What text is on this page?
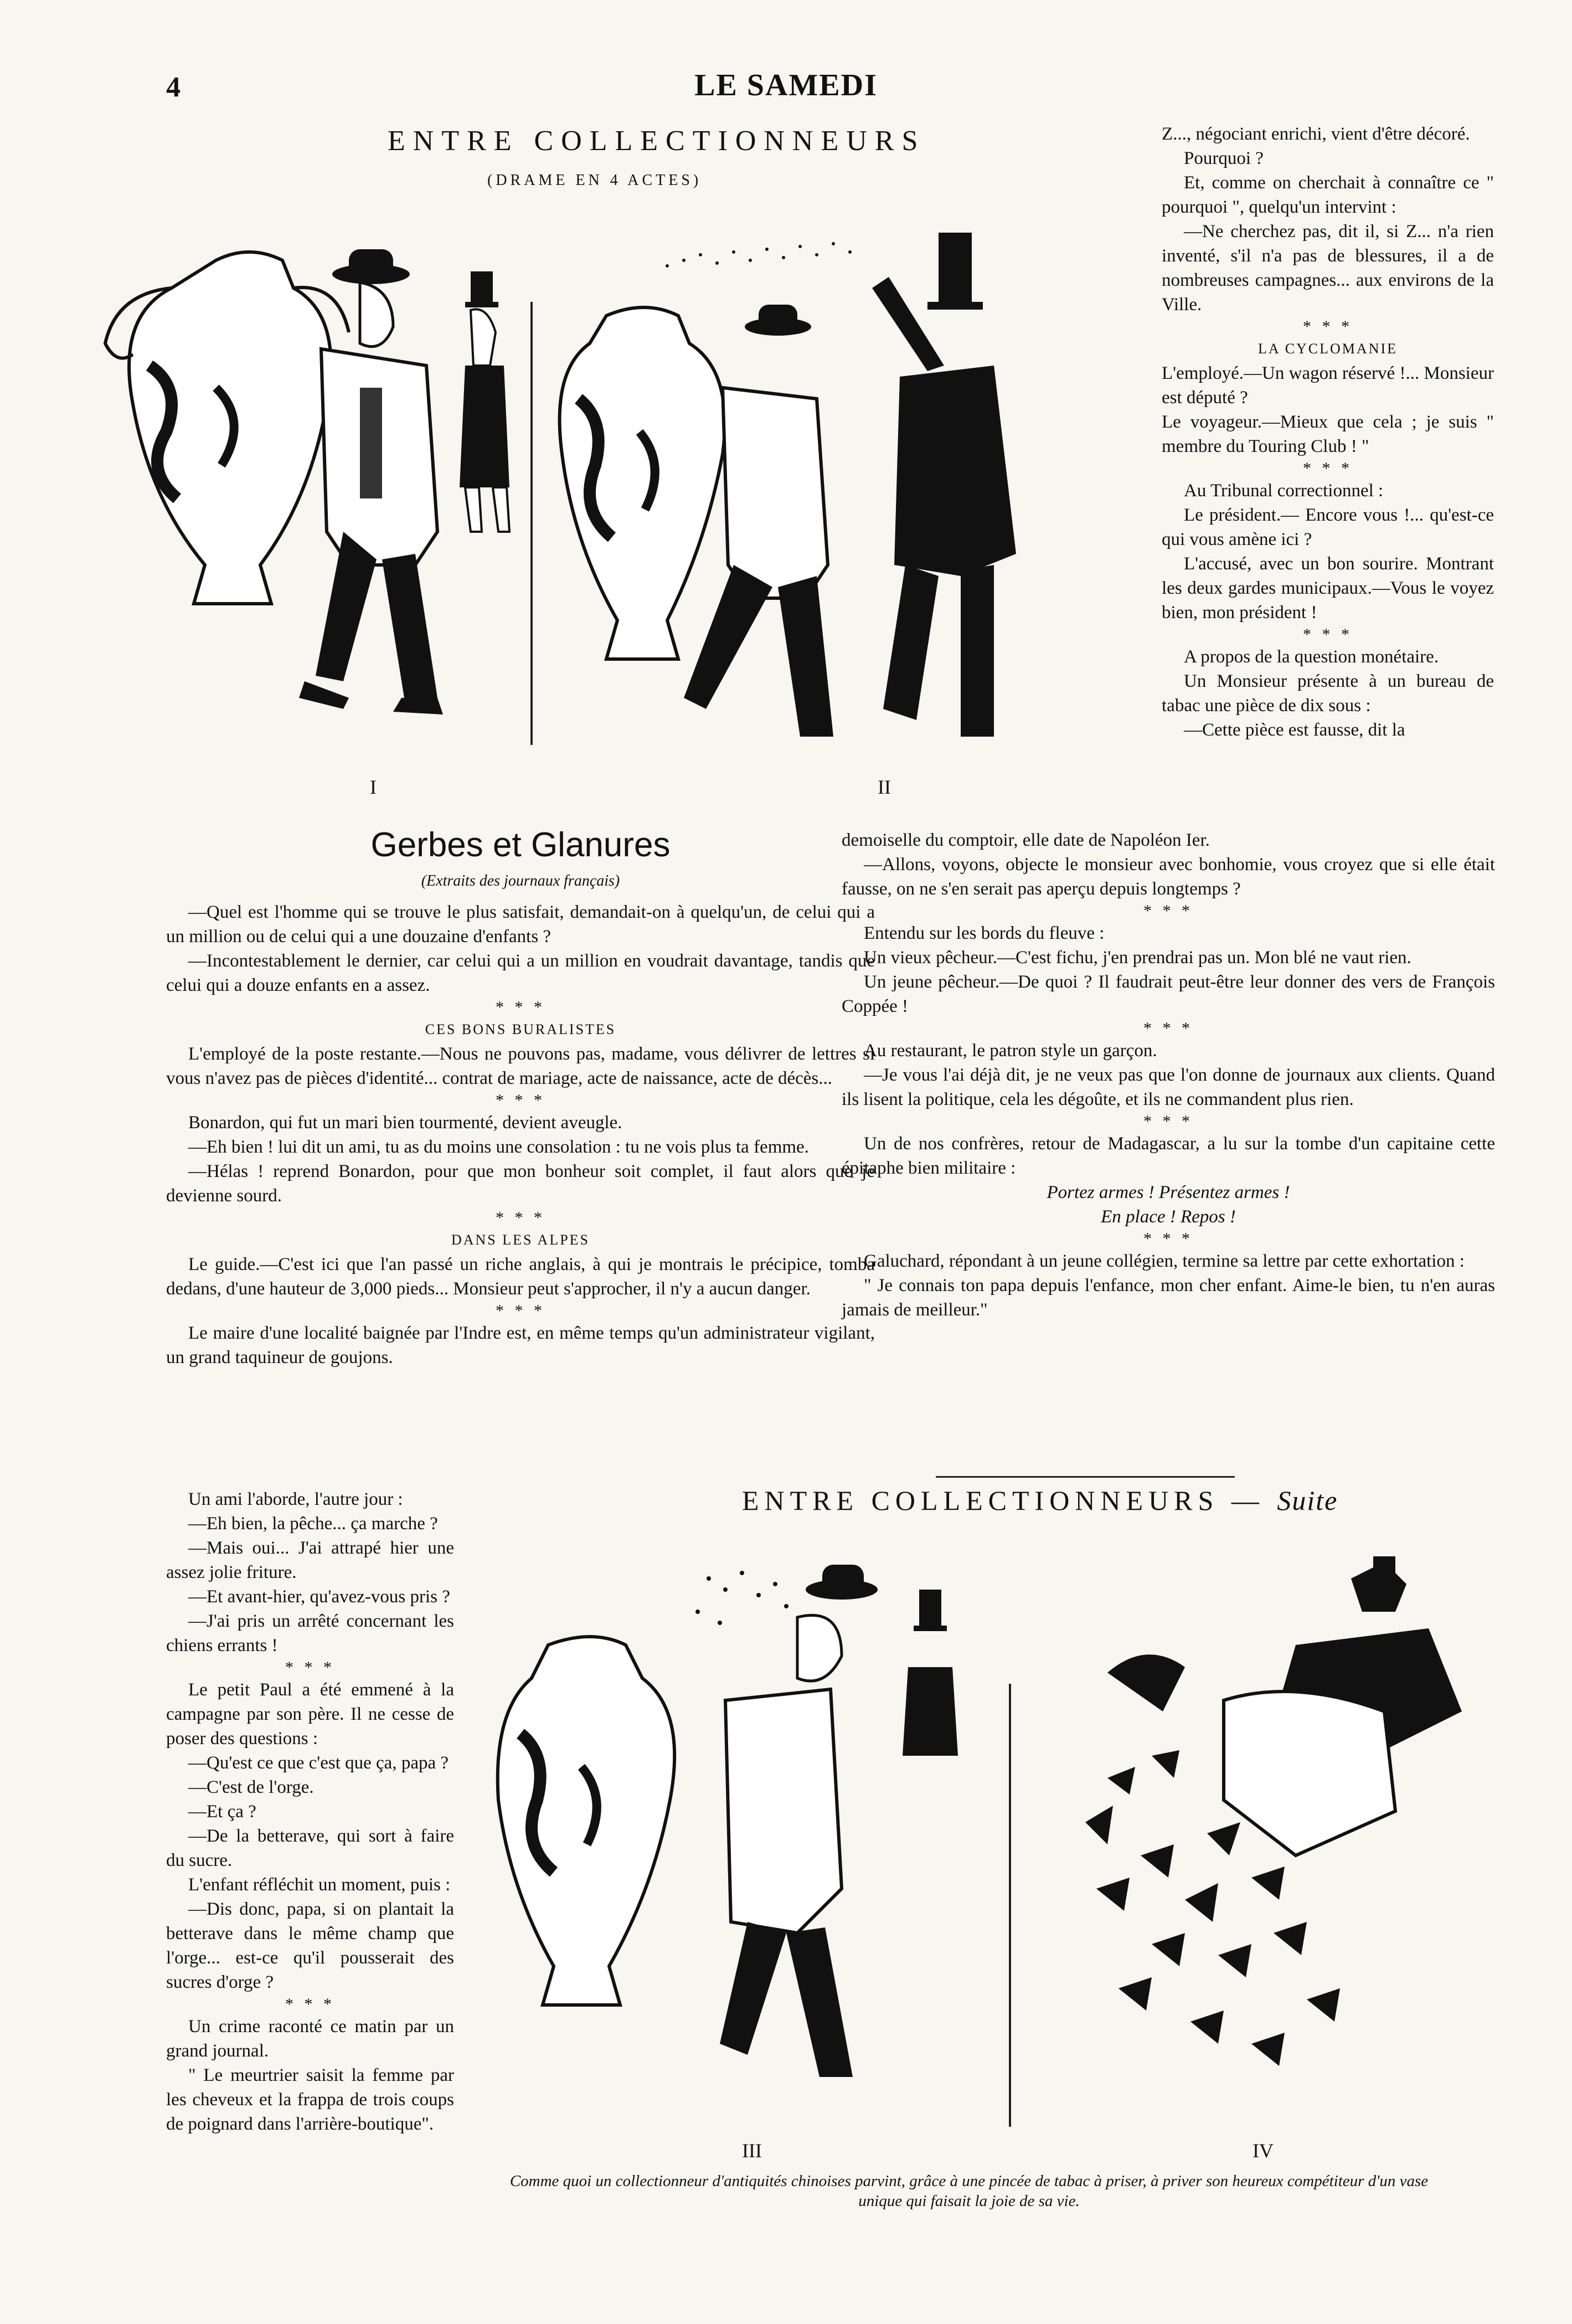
4	LE SAMEDI
ENTRE COLLECTIONNEURS
(DRAME EN 4 ACTES)
I	II

Z..., négociant enrichi, vient d'être décoré.

Pourquoi ?

Et, comme on cherchait à connaître ce " pourquoi ", quelqu'un intervint :

—Ne cherchez pas, dit il, si Z... n'a rien inventé, s'il n'a pas de blessures, il a de nombreuses campagnes... aux environs de la Ville.

* * *

LA CYCLOMANIE

L'employé.—Un wagon réservé !... Monsieur est député ?

Le voyageur.—Mieux que cela ; je suis " membre du Touring Club ! "

* * *

Au Tribunal correctionnel :

Le président.— Encore vous !... qu'est-ce qui vous amène ici ?

L'accusé, avec un bon sourire. Montrant les deux gardes municipaux.—Vous le voyez bien, mon président !

* * *

A propos de la question monétaire.

Un Monsieur présente à un bureau de tabac une pièce de dix sous :

—Cette pièce est fausse, dit la

Gerbes et Glanures
(Extraits des journaux français)

—Quel est l'homme qui se trouve le plus satisfait, demandait-on à quelqu'un, de celui qui a un million ou de celui qui a une douzaine d'enfants ?

—Incontestablement le dernier, car celui qui a un million en voudrait davantage, tandis que celui qui a douze enfants en a assez.

* * *

CES BONS BURALISTES

L'employé de la poste restante.—Nous ne pouvons pas, madame, vous délivrer de lettres si vous n'avez pas de pièces d'identité... contrat de mariage, acte de naissance, acte de décès...

* * *

Bonardon, qui fut un mari bien tourmenté, devient aveugle.

—Eh bien ! lui dit un ami, tu as du moins une consolation : tu ne vois plus ta femme.

—Hélas ! reprend Bonardon, pour que mon bonheur soit complet, il faut alors que je devienne sourd.

* * *

DANS LES ALPES

Le guide.—C'est ici que l'an passé un riche anglais, à qui je montrais le précipice, tomba dedans, d'une hauteur de 3,000 pieds... Monsieur peut s'approcher, il n'y a aucun danger.

* * *

Le maire d'une localité baignée par l'Indre est, en même temps qu'un administrateur vigilant, un grand taquineur de goujons.

demoiselle du comptoir, elle date de Napoléon Ier.

—Allons, voyons, objecte le monsieur avec bonhomie, vous croyez que si elle était fausse, on ne s'en serait pas aperçu depuis longtemps ?

* * *

Entendu sur les bords du fleuve :

Un vieux pêcheur.—C'est fichu, j'en prendrai pas un. Mon blé ne vaut rien.

Un jeune pêcheur.—De quoi ? Il faudrait peut-être leur donner des vers de François Coppée !

* * *

Au restaurant, le patron style un garçon.

—Je vous l'ai déjà dit, je ne veux pas que l'on donne de journaux aux clients. Quand ils lisent la politique, cela les dégoûte, et ils ne commandent plus rien.

* * *

Un de nos confrères, retour de Madagascar, a lu sur la tombe d'un capitaine cette épitaphe bien militaire :

Portez armes ! Présentez armes !

En place ! Repos !

* * *

Galuchard, répondant à un jeune collégien, termine sa lettre par cette exhortation :

" Je connais ton papa depuis l'enfance, mon cher enfant. Aime-le bien, tu n'en auras jamais de meilleur."

Un ami l'aborde, l'autre jour :

—Eh bien, la pêche... ça marche ?

—Mais oui... J'ai attrapé hier une assez jolie friture.

—Et avant-hier, qu'avez-vous pris ?

—J'ai pris un arrêté concernant les chiens errants !

* * *

Le petit Paul a été emmené à la campagne par son père. Il ne cesse de poser des questions :

—Qu'est ce que c'est que ça, papa ?

—C'est de l'orge.

—Et ça ?

—De la betterave, qui sort à faire du sucre.

L'enfant réfléchit un moment, puis :

—Dis donc, papa, si on plantait la betterave dans le même champ que l'orge... est-ce qu'il pousserait des sucres d'orge ?

* * *

Un crime raconté ce matin par un grand journal.

" Le meurtrier saisit la femme par les cheveux et la frappa de trois coups de poignard dans l'arrière-boutique".

ENTRE COLLECTIONNEURS — Suite
III	IV
Comme quoi un collectionneur d'antiquités chinoises parvint, grâce à une pincée de tabac à priser, à priver son heureux compétiteur d'un vase unique qui faisait la joie de sa vie.
